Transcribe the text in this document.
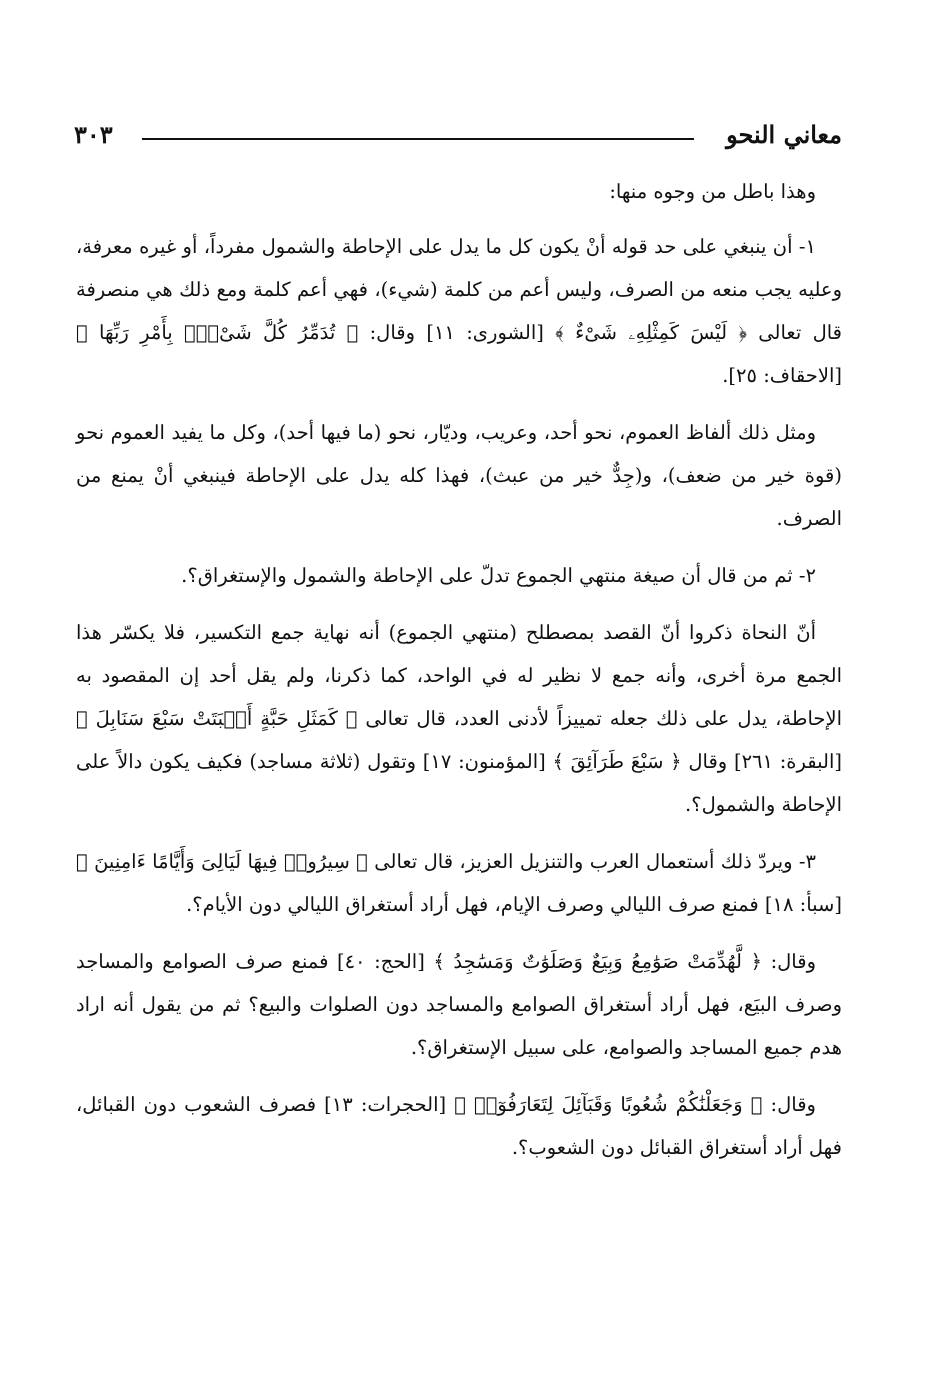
معاني النحو
٣٠٣

وهذا باطل من وجوه منها:

١- أن ينبغي على حد قوله أنْ يكون كل ما يدل على الإحاطة والشمول مفرداً، أو غيره معرفة، وعليه يجب منعه من الصرف، وليس أعم من كلمة (شيء)، فهي أعم كلمة ومع ذلك هي منصرفة قال تعالى ﴿ لَيْسَ كَمِثْلِهِۦ شَىْءٌ ﴾ [الشورى: ١١] وقال: ﴿ تُدَمِّرُ كُلَّ شَىْءٍۭ بِأَمْرِ رَبِّهَا ﴾ [الاحقاف: ٢٥].

ومثل ذلك ألفاظ العموم، نحو أحد، وعريب، وديّار، نحو (ما فيها أحد)، وكل ما يفيد العموم نحو (قوة خير من ضعف)، و(جِدٌّ خير من عبث)، فهذا كله يدل على الإحاطة فينبغي أنْ يمنع من الصرف.

٢- ثم من قال أن صيغة منتهي الجموع تدلّ على الإحاطة والشمول والإستغراق؟.

أنّ النحاة ذكروا أنّ القصد بمصطلح (منتهي الجموع) أنه نهاية جمع التكسير، فلا يكسّر هذا الجمع مرة أخرى، وأنه جمع لا نظير له في الواحد، كما ذكرنا، ولم يقل أحد إن المقصود به الإحاطة، يدل على ذلك جعله تمييزاً لأدنى العدد، قال تعالى ﴿ كَمَثَلِ حَبَّةٍ أَنۢبَتَتْ سَبْعَ سَنَابِلَ ﴾ [البقرة: ٢٦١] وقال ﴿ سَبْعَ طَرَآئِقَ ﴾ [المؤمنون: ١٧] وتقول (ثلاثة مساجد) فكيف يكون دالاً على الإحاطة والشمول؟.

٣- ويردّ ذلك أستعمال العرب والتنزيل العزيز، قال تعالى ﴿ سِيرُوا۟ فِيهَا لَيَالِىَ وَأَيَّامًا ءَامِنِينَ ﴾ [سبأ: ١٨] فمنع صرف الليالي وصرف الإيام، فهل أراد أستغراق الليالي دون الأيام؟.

وقال: ﴿ لَّهُدِّمَتْ صَوَٰمِعُ وَبِيَعٌ وَصَلَوَٰتٌ وَمَسَٰجِدُ ﴾ [الحج: ٤٠] فمنع صرف الصوامع والمساجد وصرف البيَع، فهل أراد أستغراق الصوامع والمساجد دون الصلوات والبيع؟ ثم من يقول أنه اراد هدم جميع المساجد والصوامع، على سبيل الإستغراق؟.

وقال: ﴿ وَجَعَلْنَٰكُمْ شُعُوبًا وَقَبَآئِلَ لِتَعَارَفُوٓا۟ ﴾ [الحجرات: ١٣] فصرف الشعوب دون القبائل، فهل أراد أستغراق القبائل دون الشعوب؟.
